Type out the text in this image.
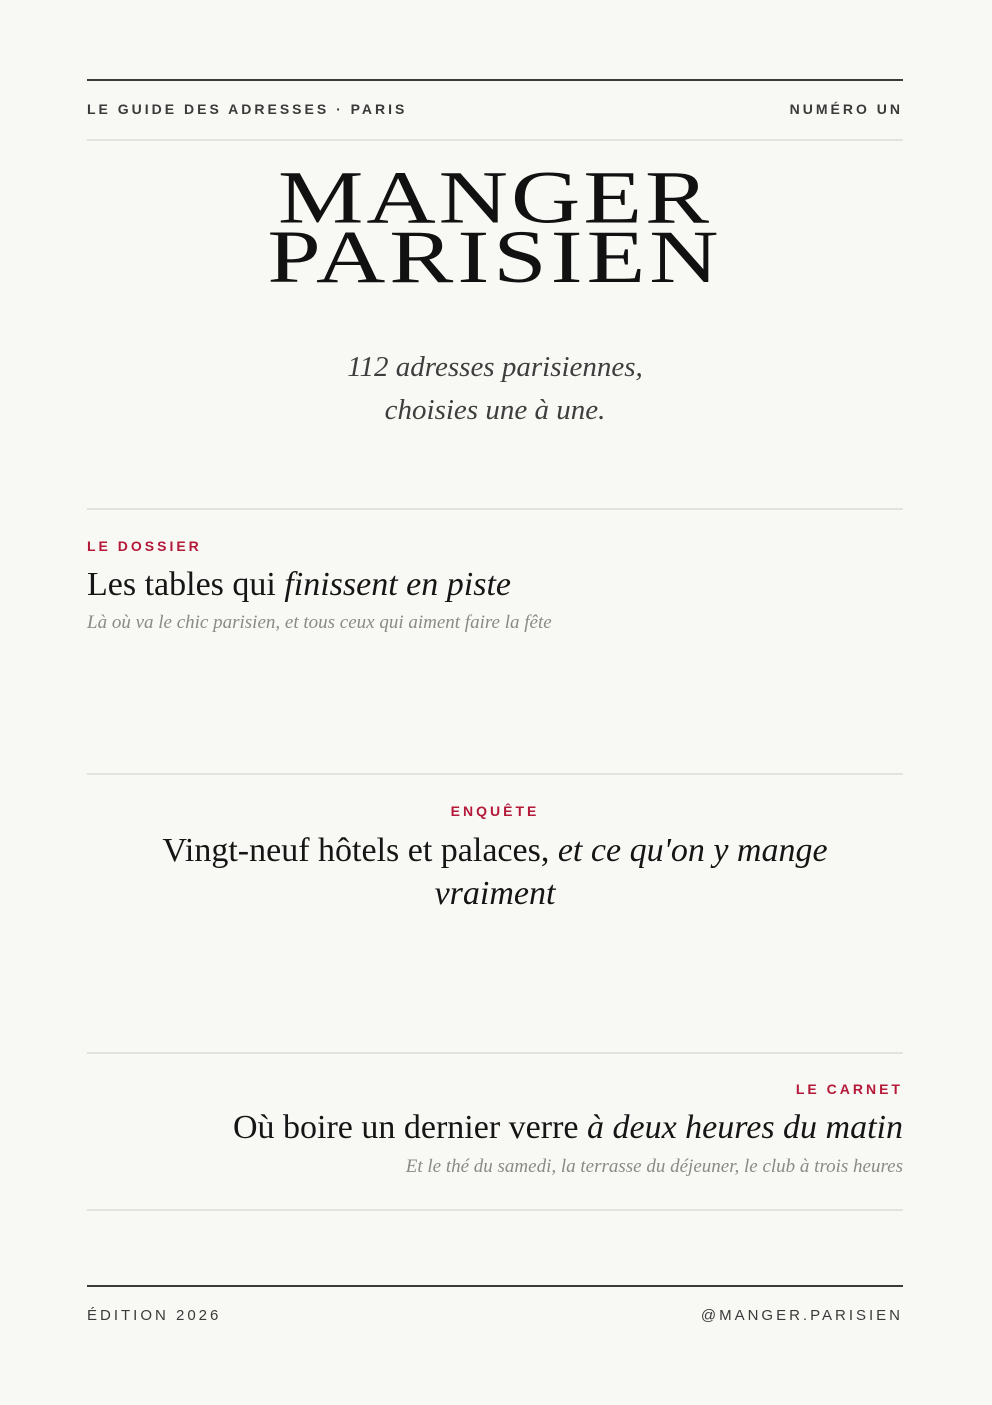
LE GUIDE DES ADRESSES · PARIS	NUMÉRO UN
MANGER
PARISIEN
112 adresses parisiennes,
choisies une à une.
LE DOSSIER
Les tables qui finissent en piste
Là où va le chic parisien, et tous ceux qui aiment faire la fête
ENQUÊTE
Vingt-neuf hôtels et palaces, et ce qu'on y mange vraiment
LE CARNET
Où boire un dernier verre à deux heures du matin
Et le thé du samedi, la terrasse du déjeuner, le club à trois heures
ÉDITION 2026	@MANGER.PARISIEN
